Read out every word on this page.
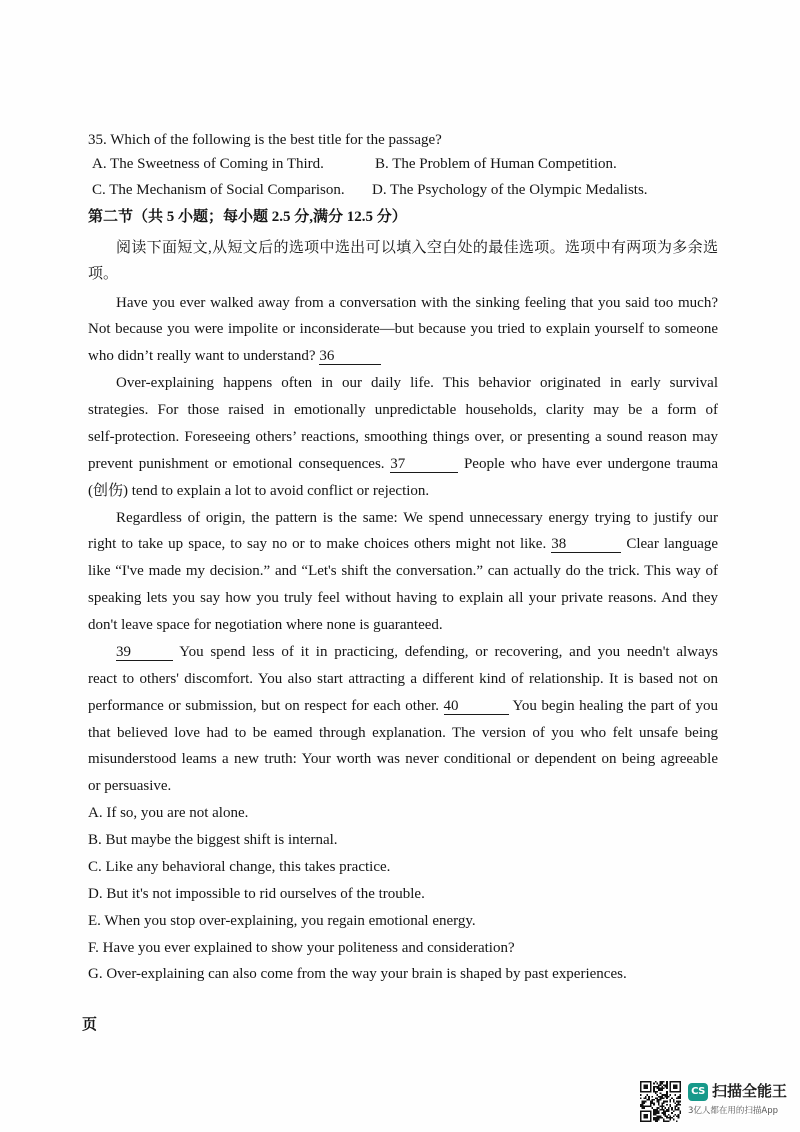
35. Which of the following is the best title for the passage?
A. The Sweetness of Coming in Third.	B. The Problem of Human Competition.
C. The Mechanism of Social Comparison. D. The Psychology of the Olympic Medalists.
第二节（共 5 小题；每小题 2.5 分,满分 12.5 分）
阅读下面短文,从短文后的选项中选出可以填入空白处的最佳选项。选项中有两项为多余选
项。
Have you ever walked away from a conversation with the sinking feeling that you said too much?
Not because you were impolite or inconsiderate—but because you tried to explain yourself to someone
who didn’t really want to understand? 36
Over-explaining happens often in our daily life. This behavior originated in early survival
strategies. For those raised in emotionally unpredictable households, clarity may be a form of
self-protection. Foreseeing others’ reactions, smoothing things over, or presenting a sound reason may
prevent punishment or emotional consequences. 37	People who have ever undergone trauma
(创伤) tend to explain a lot to avoid conflict or rejection.
Regardless of origin, the pattern is the same: We spend unnecessary energy trying to justify our
right to take up space, to say no or to make choices others might not like. 38	Clear language
like “I've made my decision.” and “Let's shift the conversation.” can actually do the trick. This way of
speaking lets you say how you truly feel without having to explain all your private reasons. And they
don't leave space for negotiation where none is guaranteed.
39	You spend less of it in practicing, defending, or recovering, and you needn't always
react to others' discomfort. You also start attracting a different kind of relationship. It is based not on
performance or submission, but on respect for each other. 40	You begin healing the part of you
that believed love had to be eamed through explanation. The version of you who felt unsafe being
misunderstood leams a new truth: Your worth was never conditional or dependent on being agreeable
or persuasive.
A. If so, you are not alone.
B. But maybe the biggest shift is internal.
C. Like any behavioral change, this takes practice.
D. But it's not impossible to rid ourselves of the trouble.
E. When you stop over-explaining, you regain emotional energy.
F. Have you ever explained to show your politeness and consideration?
G. Over-explaining can also come from the way your brain is shaped by past experiences.
页
CS 扫描全能王
3亿人都在用的扫描App
